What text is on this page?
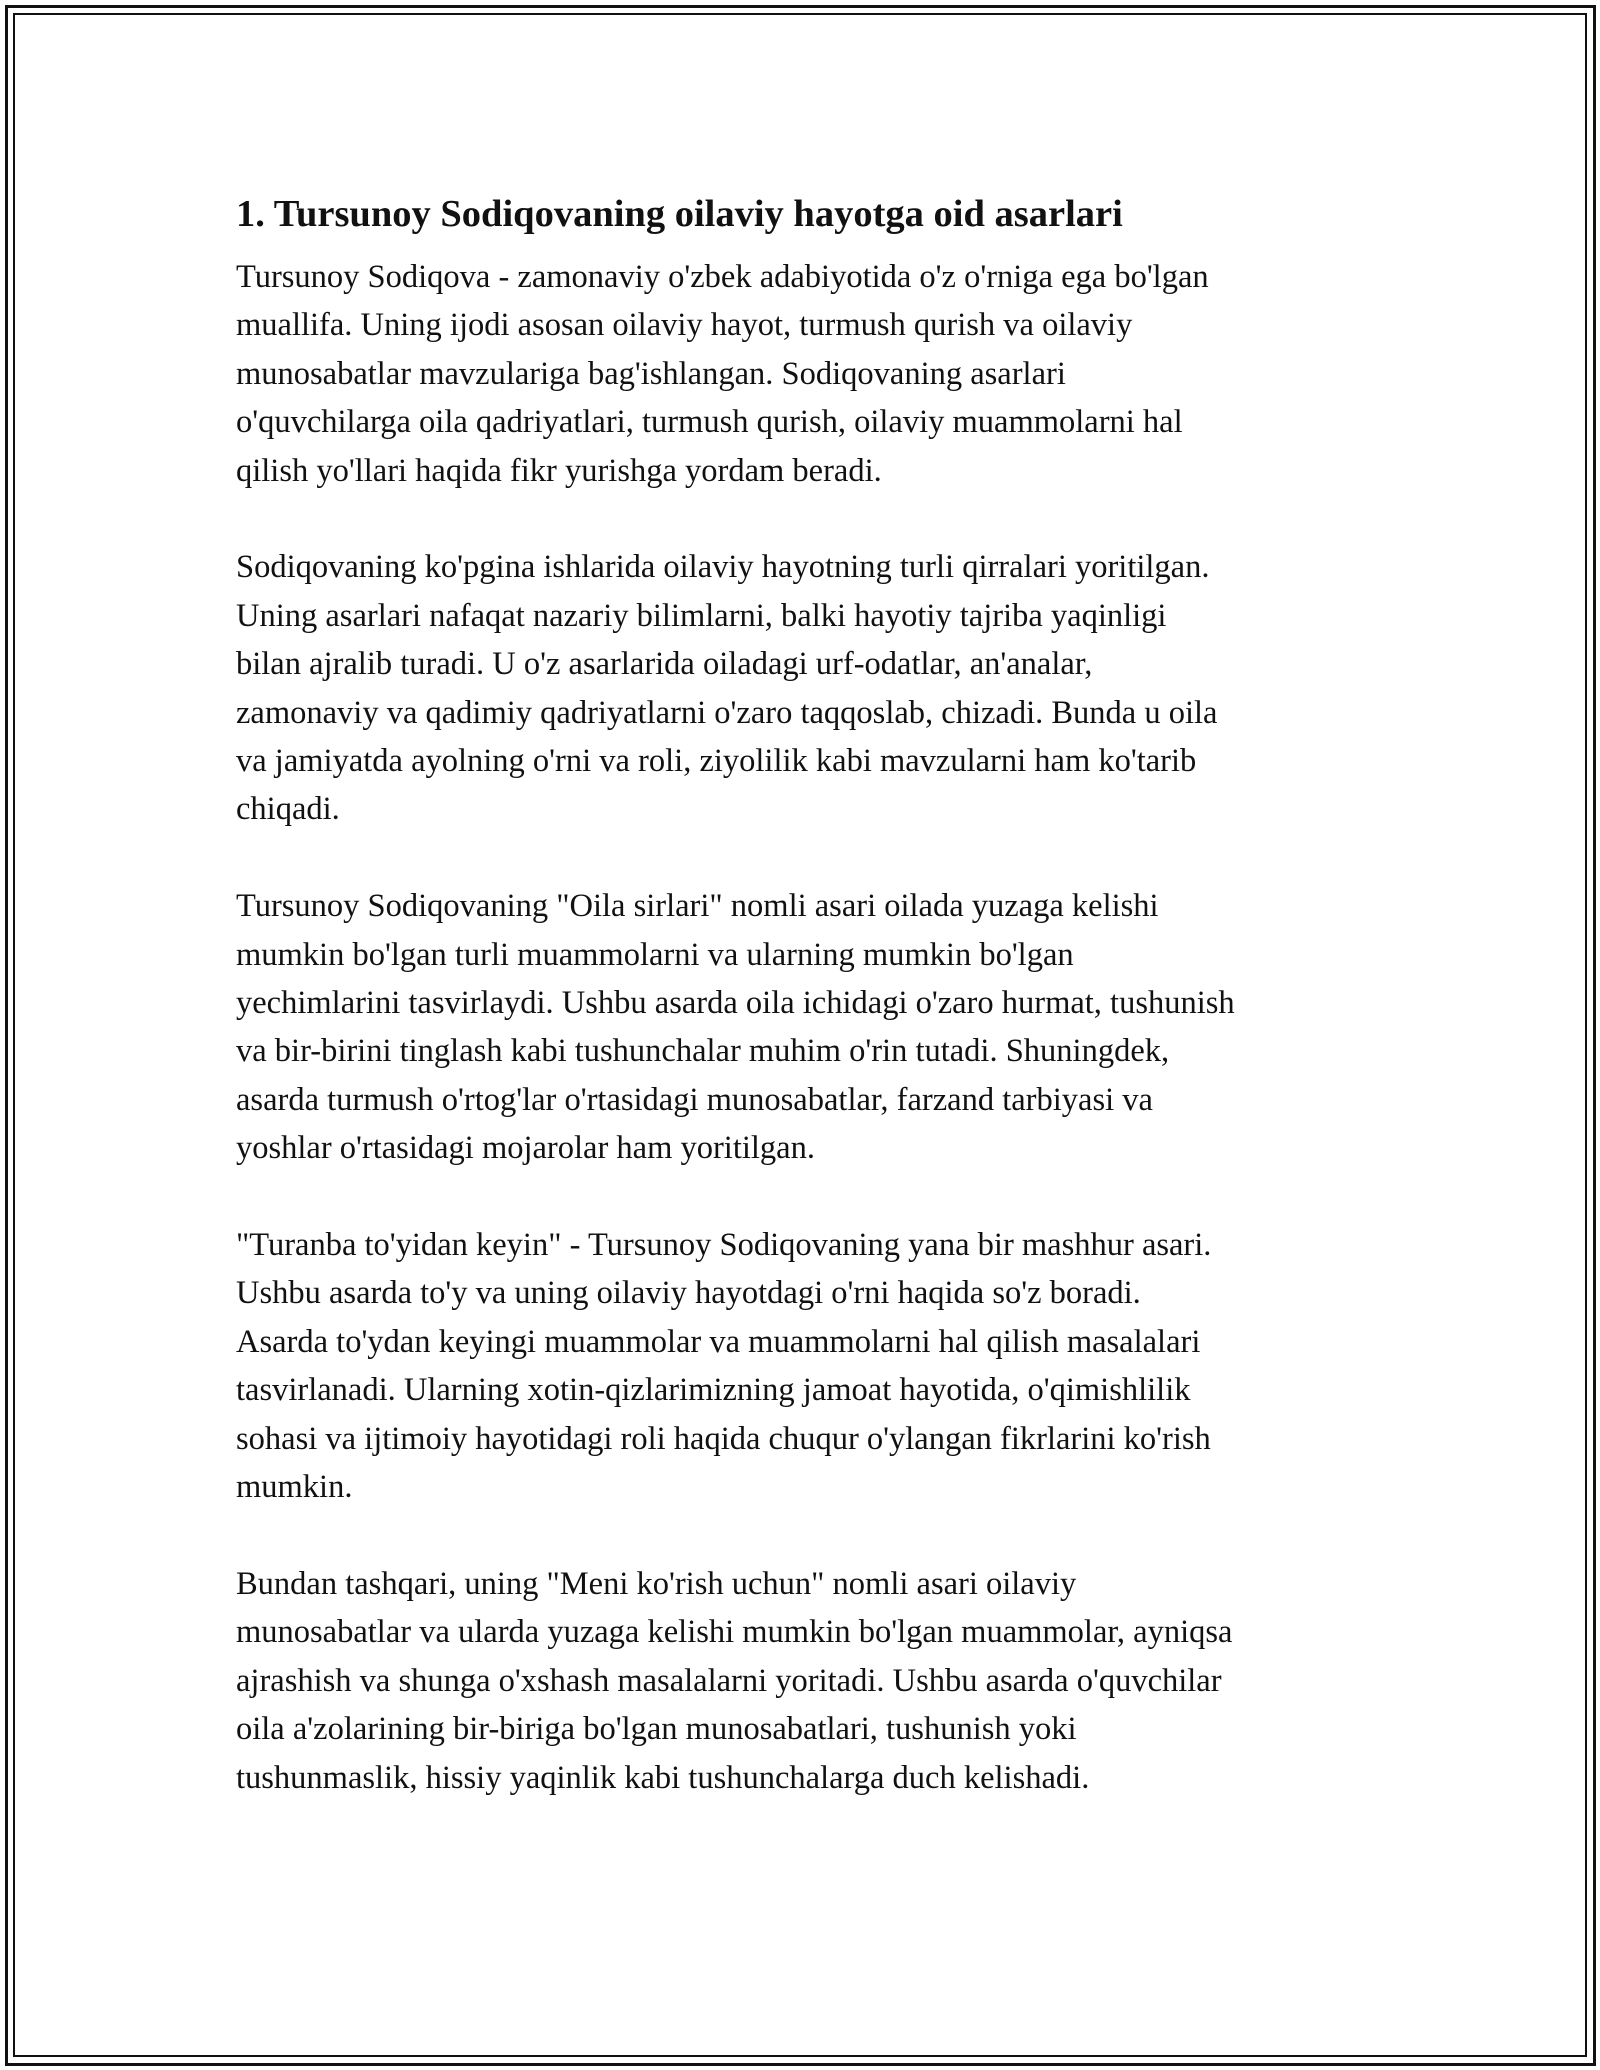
1. Tursunoy Sodiqovaning oilaviy hayotga oid asarlari

Tursunoy Sodiqova - zamonaviy o'zbek adabiyotida o'z o'rniga ega bo'lgan
muallifa. Uning ijodi asosan oilaviy hayot, turmush qurish va oilaviy
munosabatlar mavzulariga bag'ishlangan. Sodiqovaning asarlari
o'quvchilarga oila qadriyatlari, turmush qurish, oilaviy muammolarni hal
qilish yo'llari haqida fikr yurishga yordam beradi.

Sodiqovaning ko'pgina ishlarida oilaviy hayotning turli qirralari yoritilgan.
Uning asarlari nafaqat nazariy bilimlarni, balki hayotiy tajriba yaqinligi
bilan ajralib turadi. U o'z asarlarida oiladagi urf-odatlar, an'analar,
zamonaviy va qadimiy qadriyatlarni o'zaro taqqoslab, chizadi. Bunda u oila
va jamiyatda ayolning o'rni va roli, ziyolilik kabi mavzularni ham ko'tarib
chiqadi.

Tursunoy Sodiqovaning "Oila sirlari" nomli asari oilada yuzaga kelishi
mumkin bo'lgan turli muammolarni va ularning mumkin bo'lgan
yechimlarini tasvirlaydi. Ushbu asarda oila ichidagi o'zaro hurmat, tushunish
va bir-birini tinglash kabi tushunchalar muhim o'rin tutadi. Shuningdek,
asarda turmush o'rtog'lar o'rtasidagi munosabatlar, farzand tarbiyasi va
yoshlar o'rtasidagi mojarolar ham yoritilgan.

"Turanba to'yidan keyin" - Tursunoy Sodiqovaning yana bir mashhur asari.
Ushbu asarda to'y va uning oilaviy hayotdagi o'rni haqida so'z boradi.
Asarda to'ydan keyingi muammolar va muammolarni hal qilish masalalari
tasvirlanadi. Ularning xotin-qizlarimizning jamoat hayotida, o'qimishlilik
sohasi va ijtimoiy hayotidagi roli haqida chuqur o'ylangan fikrlarini ko'rish
mumkin.

Bundan tashqari, uning "Meni ko'rish uchun" nomli asari oilaviy
munosabatlar va ularda yuzaga kelishi mumkin bo'lgan muammolar, ayniqsa
ajrashish va shunga o'xshash masalalarni yoritadi. Ushbu asarda o'quvchilar
oila a'zolarining bir-biriga bo'lgan munosabatlari, tushunish yoki
tushunmaslik, hissiy yaqinlik kabi tushunchalarga duch kelishadi.
